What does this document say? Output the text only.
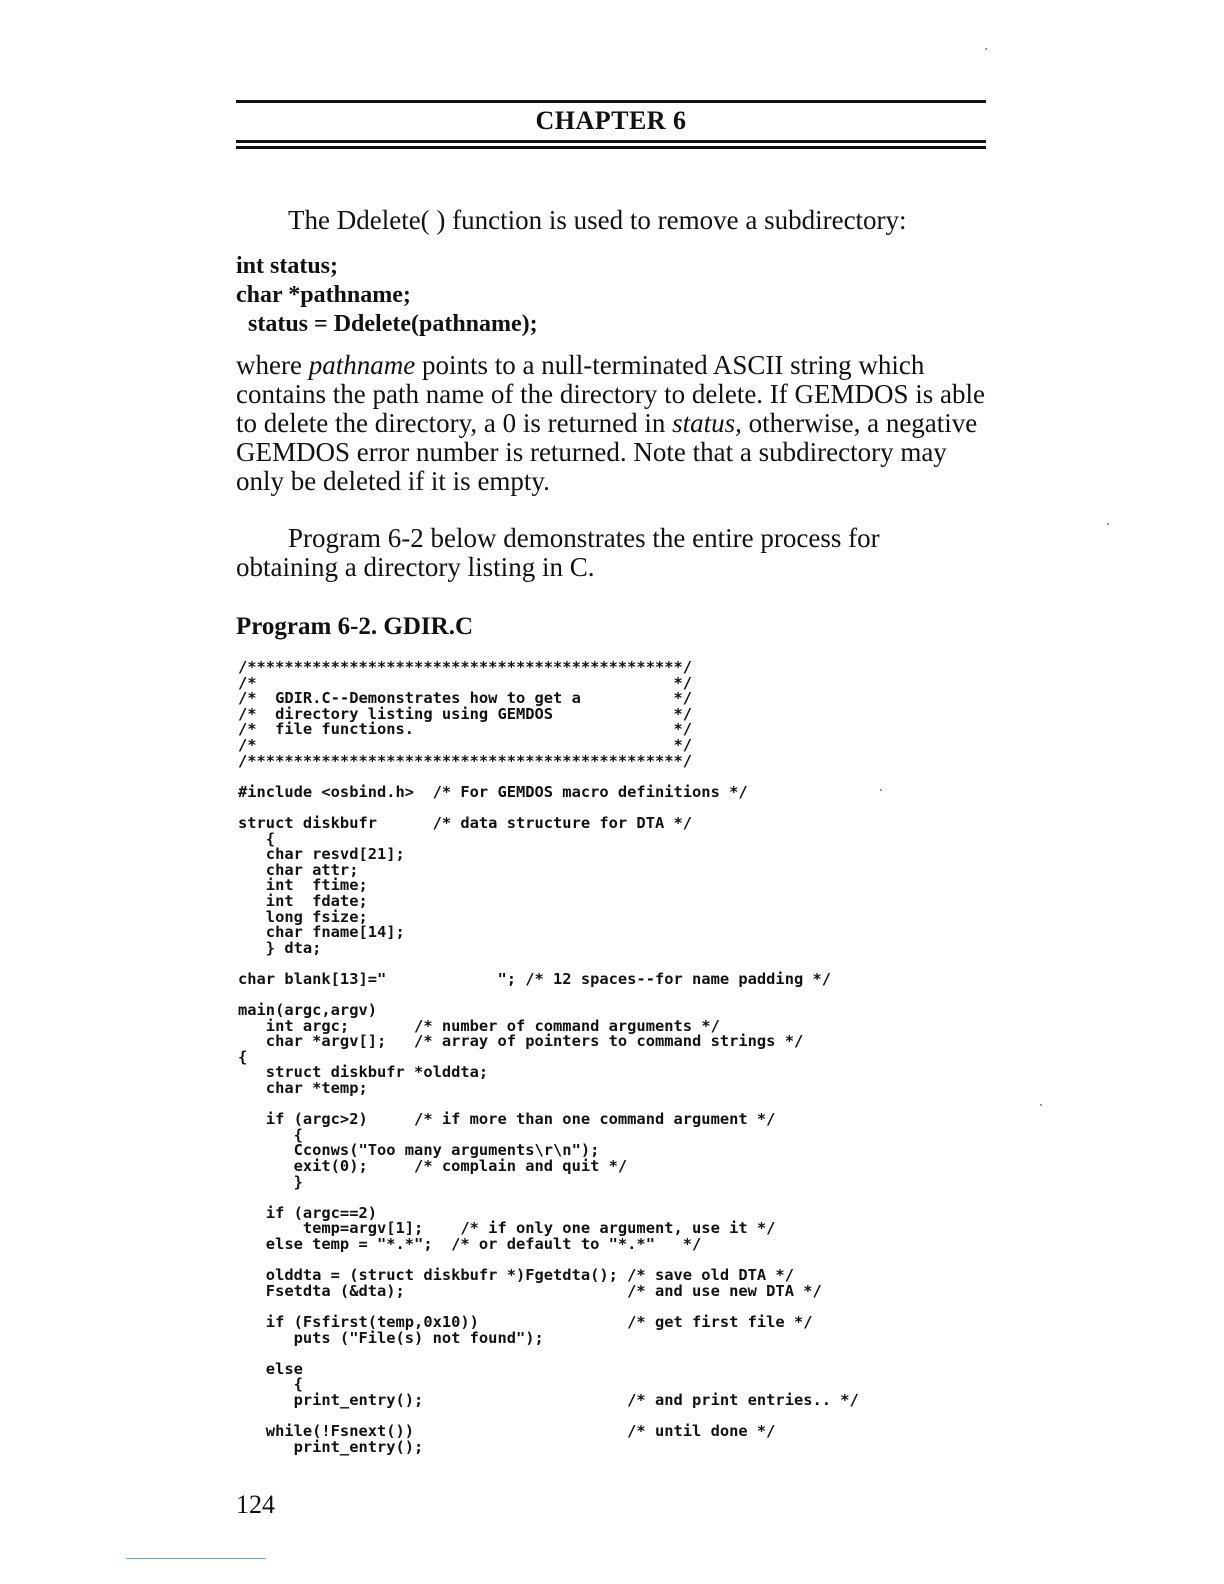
CHAPTER 6

The Ddelete( ) function is used to remove a subdirectory:

int status;
char *pathname;
status = Ddelete(pathname);

where pathname points to a null-terminated ASCII string which contains the path name of the directory to delete. If GEMDOS is able to delete the directory, a 0 is returned in status, otherwise, a negative GEMDOS error number is returned. Note that a subdirectory may only be deleted if it is empty.

Program 6-2 below demonstrates the entire process for obtaining a directory listing in C.

Program 6-2. GDIR.C
/***********************************************/
/*                                             */
/*  GDIR.C--Demonstrates how to get a          */
/*  directory listing using GEMDOS             */
/*  file functions.                            */
/*                                             */
/***********************************************/
#include <osbind.h>  /* For GEMDOS macro definitions */
struct diskbufr      /* data structure for DTA */
{
char resvd[21];
char attr;
int  ftime;
int  fdate;
long fsize;
char fname[14];
} dta;
char blank[13]="            "; /* 12 spaces--for name padding */
main(argc,argv)
int argc;       /* number of command arguments */
char *argv[];   /* array of pointers to command strings */
{
struct diskbufr *olddta;
char *temp;
if (argc>2)     /* if more than one command argument */
{
Cconws("Too many arguments\r\n");
exit(0);     /* complain and quit */
}
if (argc==2)
temp=argv[1];    /* if only one argument, use it */
else temp = "*.*";  /* or default to "*.*"   */
olddta = (struct diskbufr *)Fgetdta(); /* save old DTA */
Fsetdta (&dta);                        /* and use new DTA */
if (Fsfirst(temp,0x10))                /* get first file */
puts ("File(s) not found");
else
{
print_entry();                      /* and print entries.. */
while(!Fsnext())                       /* until done */
print_entry();
124
